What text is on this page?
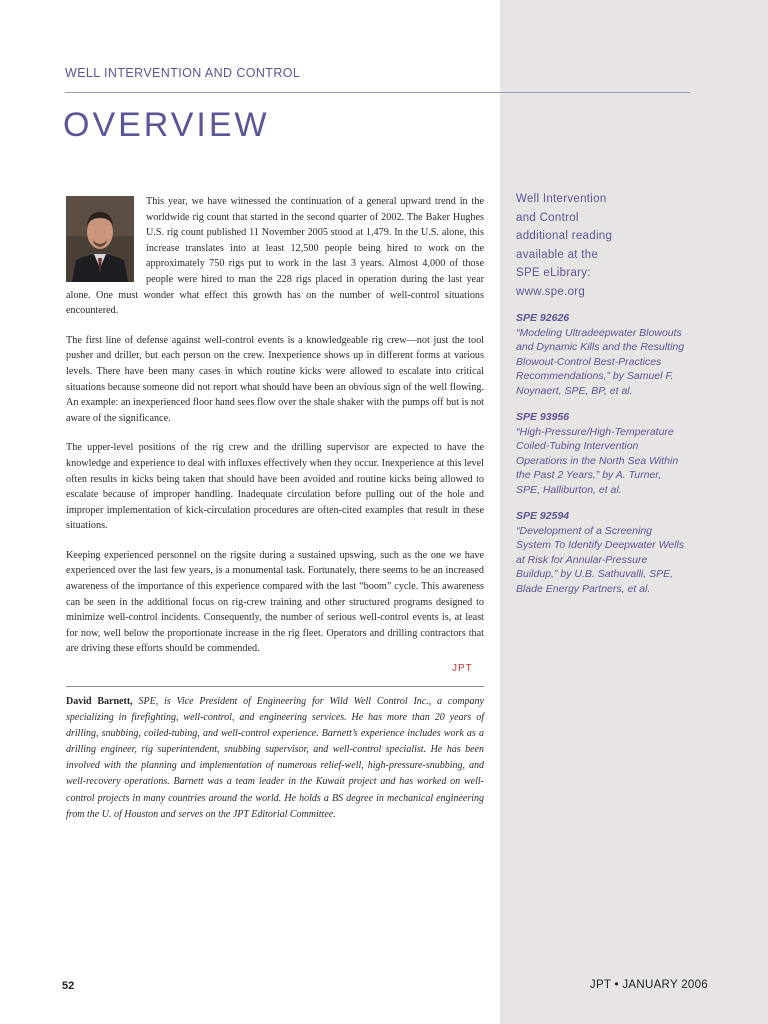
WELL INTERVENTION AND CONTROL

OVERVIEW

This year, we have witnessed the continuation of a general upward trend in the worldwide rig count that started in the second quarter of 2002. The Baker Hughes U.S. rig count published 11 November 2005 stood at 1,479. In the U.S. alone, this increase translates into at least 12,500 people being hired to work on the approximately 750 rigs put to work in the last 3 years. Almost 4,000 of those people were hired to man the 228 rigs placed in operation during the last year alone. One must wonder what effect this growth has on the number of well-control situations encountered.

The first line of defense against well-control events is a knowledgeable rig crew—not just the tool pusher and driller, but each person on the crew. Inexperience shows up in different forms at various levels. There have been many cases in which routine kicks were allowed to escalate into critical situations because someone did not report what should have been an obvious sign of the well flowing. An example: an inexperienced floor hand sees flow over the shale shaker with the pumps off but is not aware of the significance.

The upper-level positions of the rig crew and the drilling supervisor are expected to have the knowledge and experience to deal with influxes effectively when they occur. Inexperience at this level often results in kicks being taken that should have been avoided and routine kicks being allowed to escalate because of improper handling. Inadequate circulation before pulling out of the hole and improper implementation of kick-circulation procedures are often-cited examples that result in these situations.

Keeping experienced personnel on the rigsite during a sustained upswing, such as the one we have experienced over the last few years, is a monumental task. Fortunately, there seems to be an increased awareness of the importance of this experience compared with the last “boom” cycle. This awareness can be seen in the additional focus on rig-crew training and other structured programs designed to minimize well-control incidents. Consequently, the number of serious well-control events is, at least for now, well below the proportionate increase in the rig fleet. Operators and drilling contractors that are driving these efforts should be commended.

JPT

David Barnett, SPE, is Vice President of Engineering for Wild Well Control Inc., a company specializing in firefighting, well-control, and engineering services. He has more than 20 years of drilling, snubbing, coiled-tubing, and well-control experience. Barnett’s experience includes work as a drilling engineer, rig superintendent, snubbing supervisor, and well-control specialist. He has been involved with the planning and implementation of numerous relief-well, high-pressure-snubbing, and well-recovery operations. Barnett was a team leader in the Kuwait project and has worked on well-control projects in many countries around the world. He holds a BS degree in mechanical engineering from the U. of Houston and serves on the JPT Editorial Committee.

Well Intervention
and Control
additional reading
available at the
SPE eLibrary:
www.spe.org

SPE 92626
“Modeling Ultradeepwater Blowouts and Dynamic Kills and the Resulting Blowout-Control Best-Practices Recommendations,” by Samuel F. Noynaert, SPE, BP, et al.
SPE 93956
“High-Pressure/High-Temperature Coiled-Tubing Intervention Operations in the North Sea Within the Past 2 Years,” by A. Turner, SPE, Halliburton, et al.
SPE 92594
“Development of a Screening System To Identify Deepwater Wells at Risk for Annular-Pressure Buildup,” by U.B. Sathuvalli, SPE, Blade Energy Partners, et al.
52	JPT • JANUARY 2006
